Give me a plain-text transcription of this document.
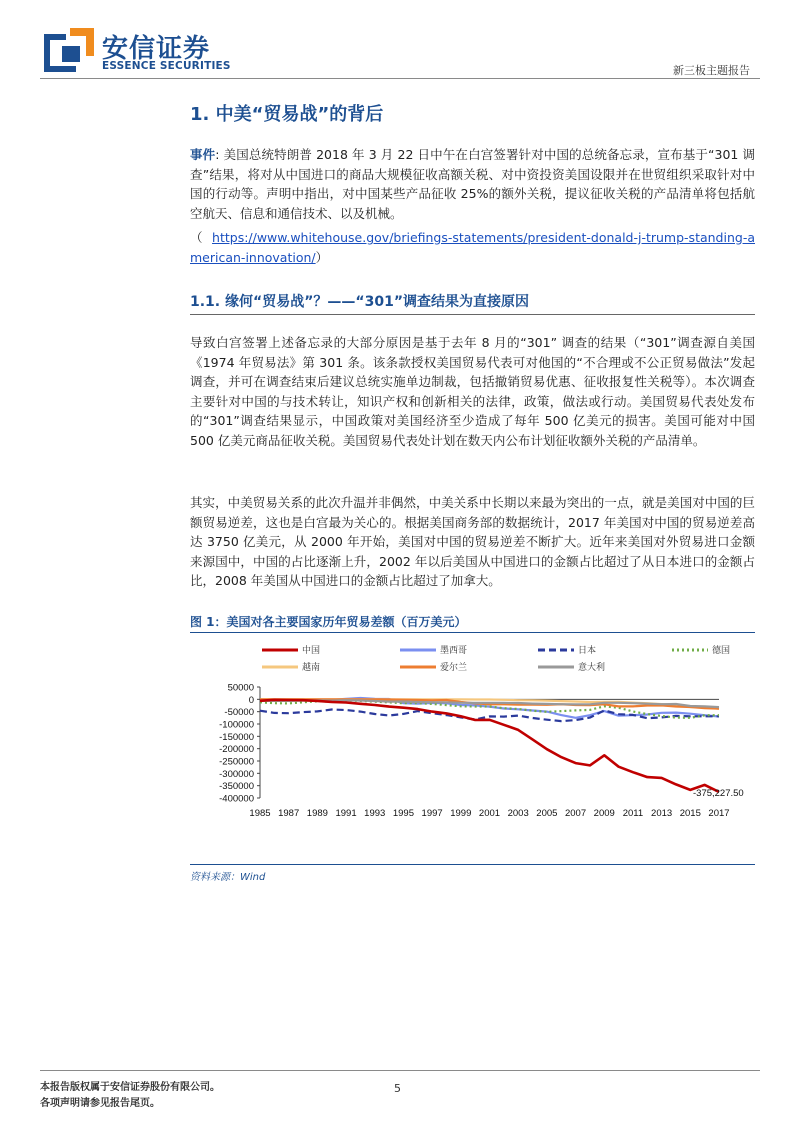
安信证券
ESSENCE SECURITIES	新三板主题报告
1. 中美“贸易战”的背后
事件: 美国总统特朗普 2018 年 3 月 22 日中午在白宫签署针对中国的总统备忘录，宣布基于“301 调查”结果，将对从中国进口的商品大规模征收高额关税、对中资投资美国设限并在世贸组织采取针对中国的行动等。声明中指出，对中国某些产品征收 25%的额外关税，提议征收关税的产品清单将包括航空航天、信息和通信技术、以及机械。
（https://www.whitehouse.gov/briefings-statements/president-donald-j-trump-standing-american-innovation/）
1.1. 缘何“贸易战”？——“301”调查结果为直接原因
导致白宫签署上述备忘录的大部分原因是基于去年 8 月的“301” 调查的结果（“301”调查源自美国《1974 年贸易法》第 301 条。该条款授权美国贸易代表可对他国的“不合理或不公正贸易做法”发起调查，并可在调查结束后建议总统实施单边制裁，包括撤销贸易优惠、征收报复性关税等）。本次调查主要针对中国的与技术转让，知识产权和创新相关的法律，政策，做法或行动。美国贸易代表处发布的“301”调查结果显示，中国政策对美国经济至少造成了每年 500 亿美元的损害。美国可能对中国 500 亿美元商品征收关税。美国贸易代表处计划在数天内公布计划征收额外关税的产品清单。
其实，中美贸易关系的此次升温并非偶然，中美关系中长期以来最为突出的一点，就是美国对中国的巨额贸易逆差，这也是白宫最为关心的。根据美国商务部的数据统计，2017 年美国对中国的贸易逆差高达 3750 亿美元，从 2000 年开始，美国对中国的贸易逆差不断扩大。近年来美国对外贸易进口金额来源国中，中国的占比逐渐上升，2002 年以后美国从中国进口的金额占比超过了从日本进口的金额占比，2008 年美国从中国进口的金额占比超过了加拿大。
图 1：美国对各主要国家历年贸易差额（百万美元）
中国	墨西哥	日本	德国
越南	爱尔兰	意大利
50000
0
-50000
-100000
-150000
-200000
-250000
-300000
-350000
-400000
1985 1987 1989 1991 1993 1995 1997 1999 2001 2003 2005 2007 2009 2011 2013 2015 2017
-375,227.50
资料来源：Wind
本报告版权属于安信证券股份有限公司。
各项声明请参见报告尾页。
5
